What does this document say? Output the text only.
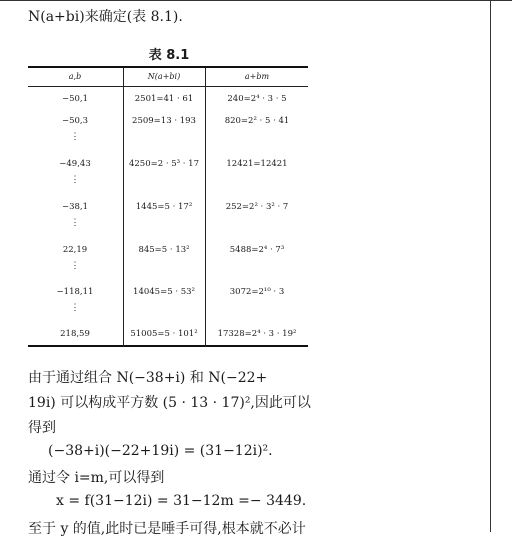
N(a+bi)来确定(表 8.1).
表 8.1
a,b	N(a+bi)	a+bm
−50,1	2501=41 · 61	240=2⁴ · 3 · 5
−50,3	2509=13 · 193	820=2² · 5 · 41
⋮
−49,43	4250=2 · 5³ · 17	12421=12421
⋮
−38,1	1445=5 · 17²	252=2² · 3² · 7
⋮
22,19	845=5 · 13²	5488=2⁴ · 7³
⋮
−118,11	14045=5 · 53²	3072=2¹⁰ · 3
⋮
218,59	51005=5 · 101²	17328=2⁴ · 3 · 19²
由于通过组合 N(−38+i) 和 N(−22+
19i) 可以构成平方数 (5 · 13 · 17)²,因此可以
得到
(−38+i)(−22+19i) = (31−12i)².
通过令 i=m,可以得到
x = f(31−12i) = 31−12m =− 3449.
至于 y 的值,此时已是唾手可得,根本就不必计
